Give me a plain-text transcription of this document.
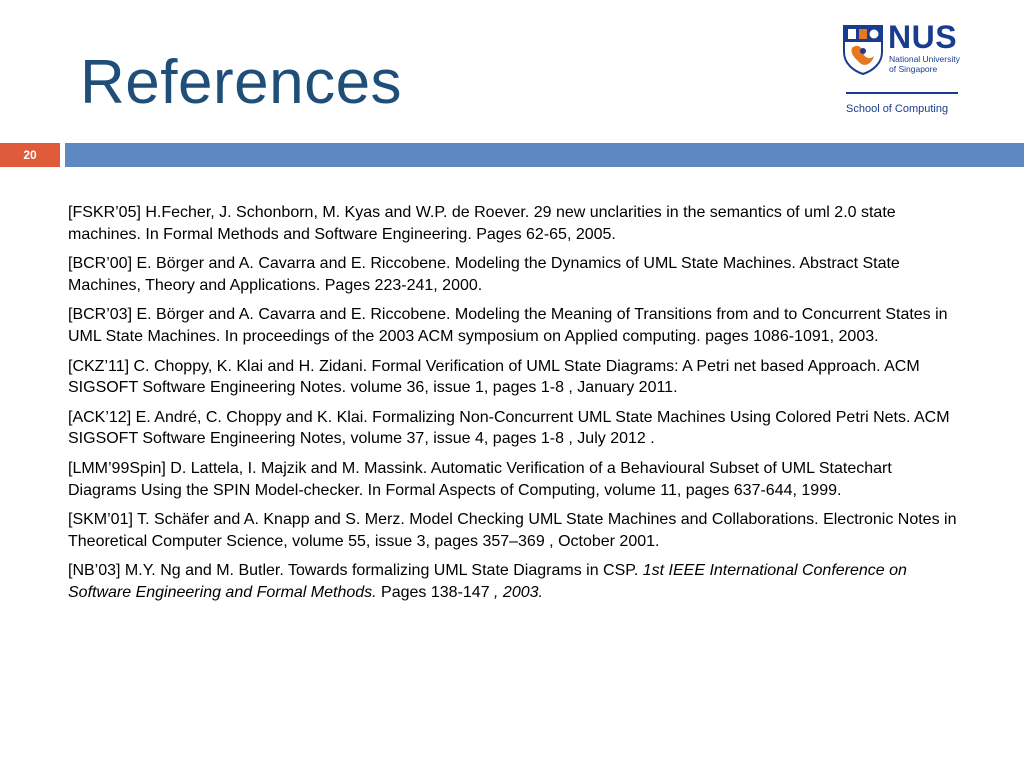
References
NUS
National University
of Singapore
School of Computing
20
[FSKR’05] H.Fecher, J. Schonborn, M. Kyas and W.P. de Roever. 29 new unclarities in the semantics of uml 2.0 state machines. In Formal Methods and Software Engineering. Pages 62-65, 2005.
[BCR’00] E. Börger and A. Cavarra and E. Riccobene. Modeling the Dynamics of UML State Machines. Abstract State Machines, Theory and Applications. Pages 223-241, 2000.
[BCR’03] E. Börger and A. Cavarra and E. Riccobene. Modeling the Meaning of Transitions from and to Concurrent States in UML State Machines. In proceedings of the 2003 ACM symposium on Applied computing. pages 1086-1091, 2003.
[CKZ’11] C. Choppy, K. Klai and H. Zidani. Formal Verification of UML State Diagrams: A Petri net based Approach. ACM SIGSOFT Software Engineering Notes. volume 36, issue 1, pages 1-8 , January 2011.
[ACK’12] E. André, C. Choppy and K. Klai. Formalizing Non-Concurrent UML State Machines Using Colored Petri Nets. ACM SIGSOFT Software Engineering Notes, volume 37, issue 4, pages 1-8 , July 2012 .
[LMM’99Spin] D. Lattela, I. Majzik and M. Massink. Automatic Verification of a Behavioural Subset of UML Statechart Diagrams Using the SPIN Model-checker. In Formal Aspects of Computing, volume 11, pages 637-644, 1999.
[SKM’01] T. Schäfer and A. Knapp and S. Merz. Model Checking UML State Machines and Collaborations. Electronic Notes in Theoretical Computer Science, volume 55, issue 3, pages 357–369 , October 2001.
[NB’03] M.Y. Ng and M. Butler. Towards formalizing UML State Diagrams in CSP. 1st IEEE International Conference on Software Engineering and Formal Methods. Pages 138-147 , 2003.
